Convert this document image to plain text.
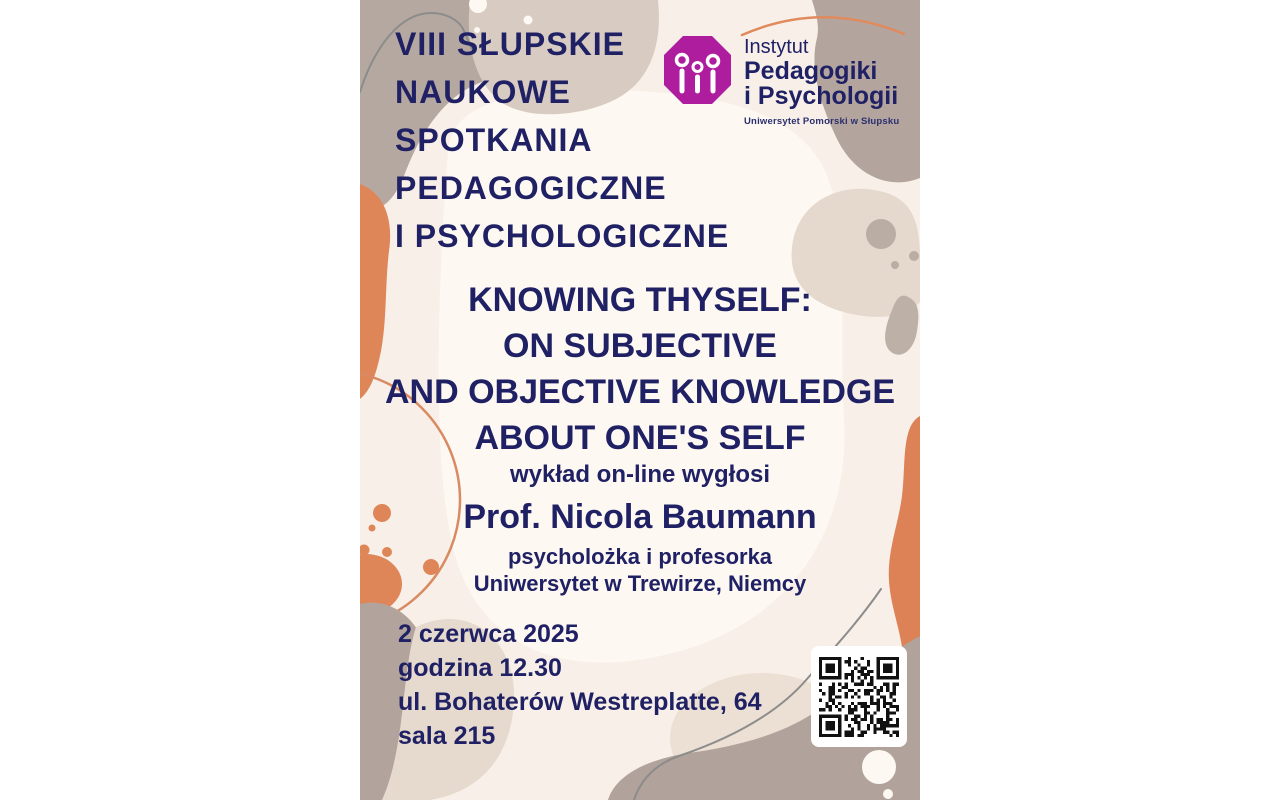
VIII SŁUPSKIE
NAUKOWE
SPOTKANIA
PEDAGOGICZNE
I PSYCHOLOGICZNE
Instytut
Pedagogiki
i Psychologii
Uniwersytet Pomorski w Słupsku
KNOWING THYSELF:
ON SUBJECTIVE
AND OBJECTIVE KNOWLEDGE
ABOUT ONE'S SELF
wykład on-line wygłosi
Prof. Nicola Baumann
psycholożka i profesorka
Uniwersytet w Trewirze, Niemcy
2 czerwca 2025
godzina 12.30
ul. Bohaterów Westreplatte, 64
sala 215
